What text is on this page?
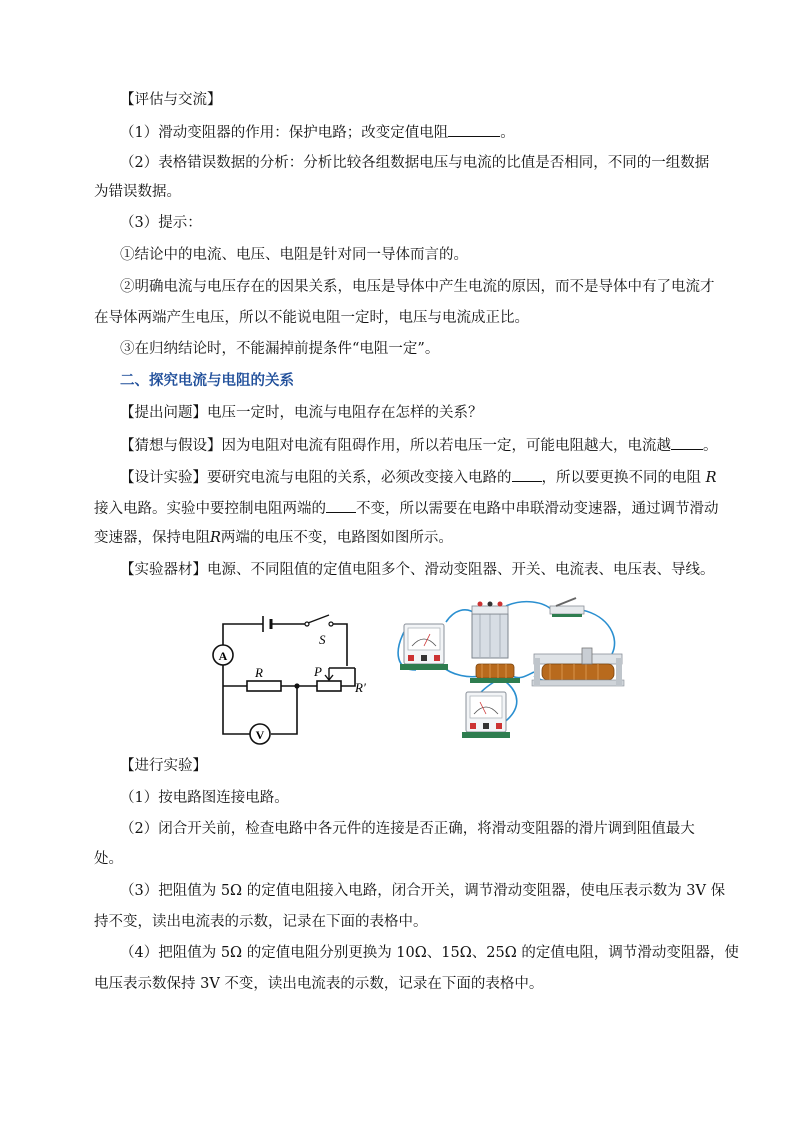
【评估与交流】
（1）滑动变阻器的作用：保护电路；改变定值电阻	。
（2）表格错误数据的分析：分析比较各组数据电压与电流的比值是否相同，不同的一组数据
为错误数据。
（3）提示：
①结论中的电流、电压、电阻是针对同一导体而言的。
②明确电流与电压存在的因果关系，电压是导体中产生电流的原因，而不是导体中有了电流才
在导体两端产生电压，所以不能说电阻一定时，电压与电流成正比。
③在归纳结论时，不能漏掉前提条件“电阻一定”。
二、探究电流与电阻的关系
【提出问题】电压一定时，电流与电阻存在怎样的关系？
【猜想与假设】因为电阻对电流有阻碍作用，所以若电压一定，可能电阻越大，电流越 。
【设计实验】要研究电流与电阻的关系，必须改变接入电路的 ，所以要更换不同的电阻 R
接入电路。实验中要控制电阻两端的 不变，所以需要在电路中串联滑动变速器，通过调节滑动
变速器，保持电阻R两端的电压不变，电路图如图所示。
【实验器材】电源、不同阻值的定值电阻多个、滑动变阻器、开关、电流表、电压表、导线。
S
A
R	P
R′
V
【进行实验】
（1）按电路图连接电路。
（2）闭合开关前，检查电路中各元件的连接是否正确，将滑动变阻器的滑片调到阻值最大
处。
（3）把阻值为 5Ω 的定值电阻接入电路，闭合开关，调节滑动变阻器，使电压表示数为 3V 保
持不变，读出电流表的示数，记录在下面的表格中。
（4）把阻值为 5Ω 的定值电阻分别更换为 10Ω、15Ω、25Ω 的定值电阻，调节滑动变阻器，使
电压表示数保持 3V 不变，读出电流表的示数，记录在下面的表格中。
